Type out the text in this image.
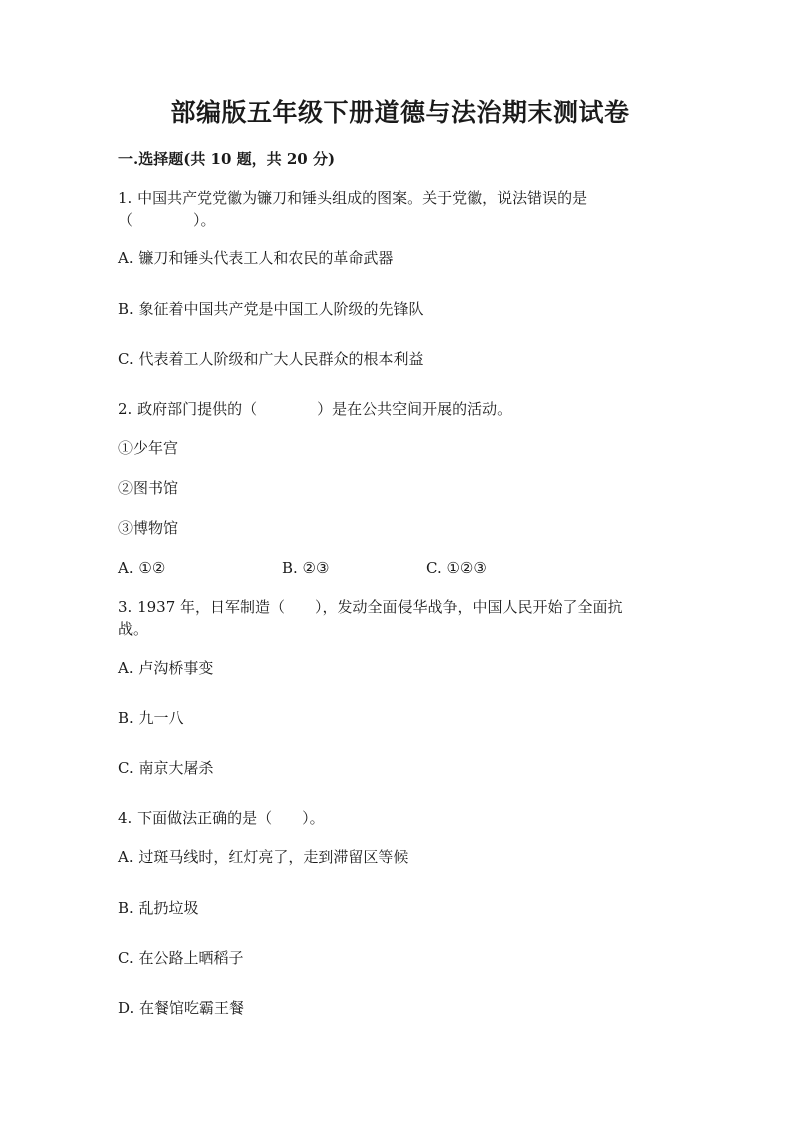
部编版五年级下册道德与法治期末测试卷
一.选择题(共 10 题，共 20 分)
1. 中国共产党党徽为镰刀和锤头组成的图案。关于党徽，说法错误的是
（　　　　）。
A. 镰刀和锤头代表工人和农民的革命武器
B. 象征着中国共产党是中国工人阶级的先锋队
C. 代表着工人阶级和广大人民群众的根本利益
2. 政府部门提供的（　　　　）是在公共空间开展的活动。
①少年宫
②图书馆
③博物馆
A. ①②	B. ②③	C. ①②③
3. 1937 年，日军制造（　　），发动全面侵华战争，中国人民开始了全面抗
战。
A. 卢沟桥事变
B. 九一八
C. 南京大屠杀
4. 下面做法正确的是（　　）。
A. 过斑马线时，红灯亮了，走到滞留区等候
B. 乱扔垃圾
C. 在公路上晒稻子
D. 在餐馆吃霸王餐
